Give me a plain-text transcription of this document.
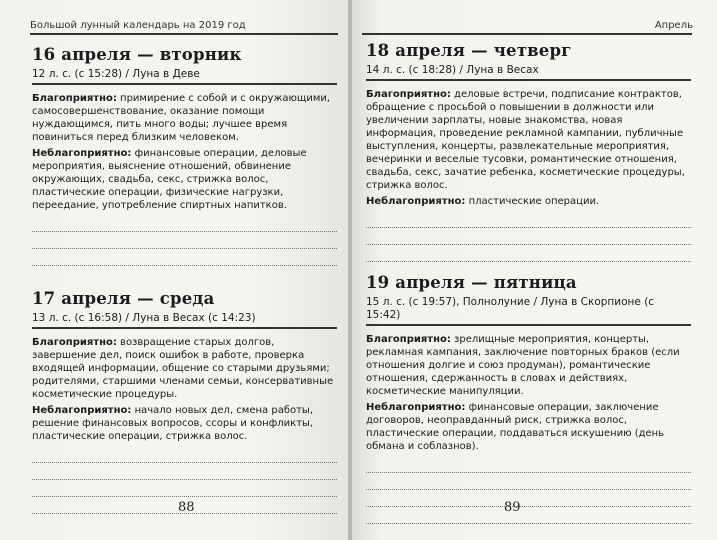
Большой лунный календарь на 2019 год
16 апреля — вторник

12 л. с. (с 15:28) / Луна в Деве

Благоприятно: примирение с собой и с окружающими, самосовершенствование, оказание помощи нуждающимся, пить много воды; лучшее время повиниться перед близким человеком.

Неблагоприятно: финансовые операции, деловые мероприятия, выяснение отношений, обвинение окружающих, свадьба, секс, стрижка волос, пластические операции, физические нагрузки, переедание, употребление спиртных напитков.

17 апреля — среда

13 л. с. (с 16:58) / Луна в Весах (с 14:23)

Благоприятно: возвращение старых долгов, завершение дел, поиск ошибок в работе, проверка входящей информации, общение со старыми друзьями; родителями, старшими членами семьи, консервативные косметические процедуры.

Неблагоприятно: начало новых дел, смена работы, решение финансовых вопросов, ссоры и конфликты, пластические операции, стрижка волос.

88
Апрель
18 апреля — четверг

14 л. с. (с 18:28) / Луна в Весах

Благоприятно: деловые встречи, подписание контрактов, обращение с просьбой о повышении в должности или увеличении зарплаты, новые знакомства, новая информация, проведение рекламной кампании, публичные выступления, концерты, развлекательные мероприятия, вечеринки и веселые тусовки, романтические отношения, свадьба, секс, зачатие ребенка, косметические процедуры, стрижка волос.

Неблагоприятно: пластические операции.

19 апреля — пятница

15 л. с. (с 19:57), Полнолуние / Луна в Скорпионе (с 15:42)

Благоприятно: зрелищные мероприятия, концерты, рекламная кампания, заключение повторных браков (если отношения долгие и союз продуман), романтические отношения, сдержанность в словах и действиях, косметические манипуляции.

Неблагоприятно: финансовые операции, заключение договоров, неоправданный риск, стрижка волос, пластические операции, поддаваться искушению (день обмана и соблазнов).

89
